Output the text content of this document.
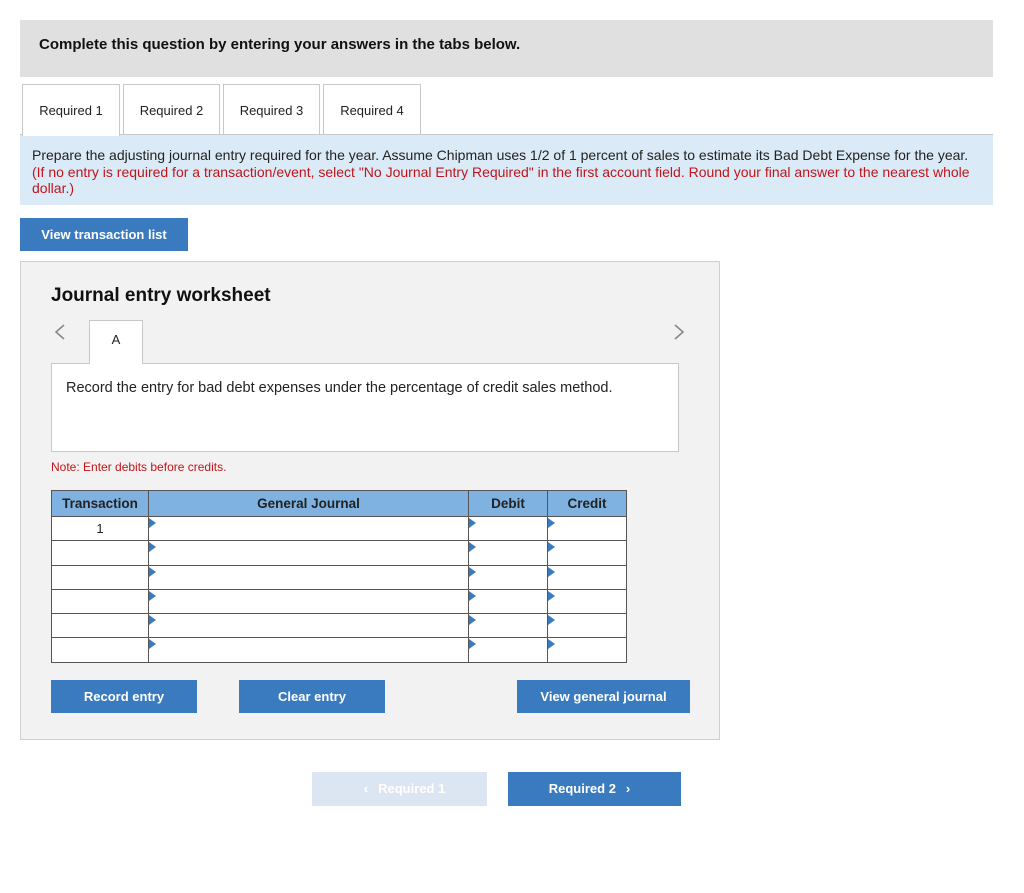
Complete this question by entering your answers in the tabs below.
Required 1	Required 2	Required 3	Required 4
Prepare the adjusting journal entry required for the year. Assume Chipman uses 1/2 of 1 percent of sales to estimate its Bad Debt Expense for the year. (If no entry is required for a transaction/event, select "No Journal Entry Required" in the first account field. Round your final answer to the nearest whole dollar.)
View transaction list
Journal entry worksheet
A
Record the entry for bad debt expenses under the percentage of credit sales method.
Note: Enter debits before credits.
Transaction	General Journal	Debit	Credit
1	

Record entry	Clear entry	View general journal
‹ Required 1	Required 2 ›
